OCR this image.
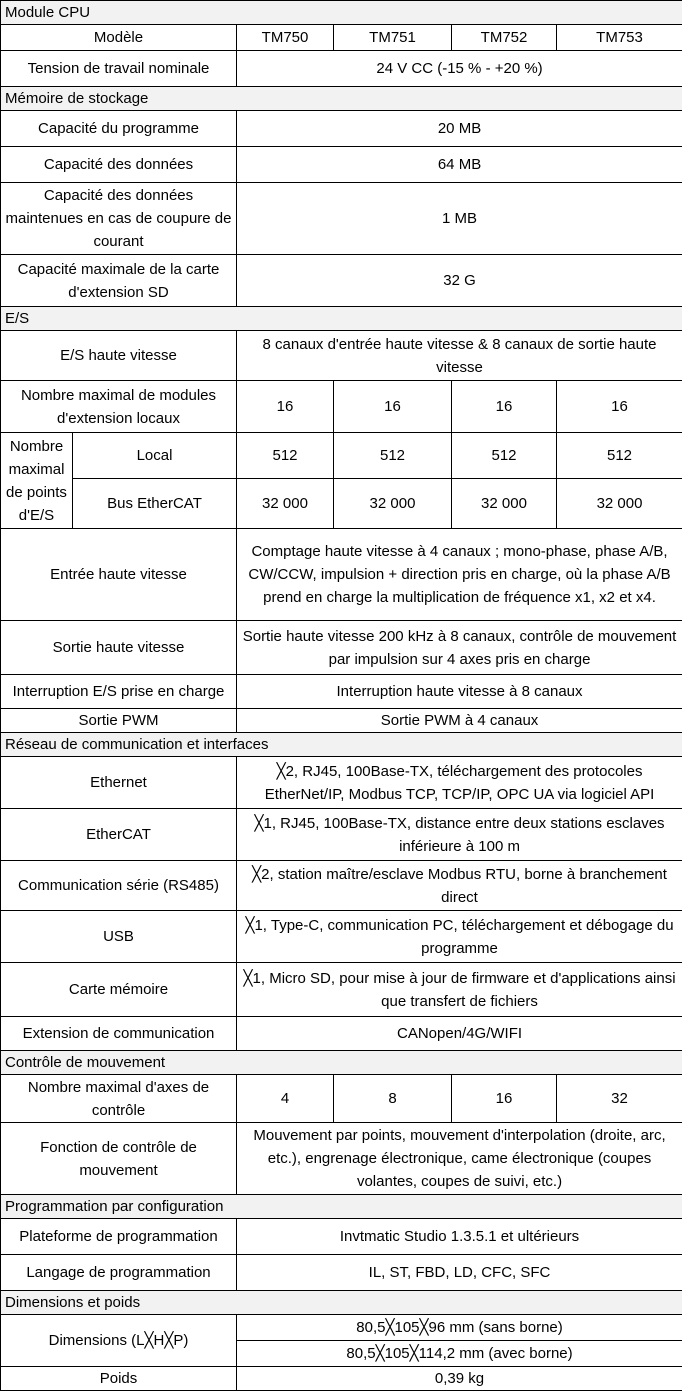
Module CPU					
Modèle		TM750	TM751	TM752	TM753
Tension de travail nominale		24 V CC (-15 % - +20 %)			
Mémoire de stockage					
Capacité du programme		20 MB			
Capacité des données		64 MB			
Capacité des données maintenues en cas de coupure de courant		1 MB			
Capacité maximale de la carte d'extension SD		32 G			
E/S					
E/S haute vitesse		8 canaux d'entrée haute vitesse & 8 canaux de sortie haute vitesse			
Nombre maximal de modules d'extension locaux		16	16	16	16
Nombre maximal de points d'E/S	Local	512	512	512	512
	Bus EtherCAT	32 000	32 000	32 000	32 000
Entrée haute vitesse		Comptage haute vitesse à 4 canaux ; mono-phase, phase A/B, CW/CCW, impulsion + direction pris en charge, où la phase A/B prend en charge la multiplication de fréquence x1, x2 et x4.			
Sortie haute vitesse		Sortie haute vitesse 200 kHz à 8 canaux, contrôle de mouvement par impulsion sur 4 axes pris en charge			
Interruption E/S prise en charge		Interruption haute vitesse à 8 canaux			
Sortie PWM		Sortie PWM à 4 canaux			
Réseau de communication et interfaces					
Ethernet		╳2, RJ45, 100Base-TX, téléchargement des protocoles EtherNet/IP, Modbus TCP, TCP/IP, OPC UA via logiciel API			
EtherCAT		╳1, RJ45, 100Base-TX, distance entre deux stations esclaves inférieure à 100 m			
Communication série (RS485)		╳2, station maître/esclave Modbus RTU, borne à branchement direct			
USB		╳1, Type-C, communication PC, téléchargement et débogage du programme			
Carte mémoire		╳1, Micro SD, pour mise à jour de firmware et d'applications ainsi que transfert de fichiers			
Extension de communication		CANopen/4G/WIFI			
Contrôle de mouvement					
Nombre maximal d'axes de contrôle		4	8	16	32
Fonction de contrôle de mouvement		Mouvement par points, mouvement d'interpolation (droite, arc, etc.), engrenage électronique, came électronique (coupes volantes, coupes de suivi, etc.)			
Programmation par configuration					
Plateforme de programmation		Invtmatic Studio 1.3.5.1 et ultérieurs			
Langage de programmation		IL, ST, FBD, LD, CFC, SFC			
Dimensions et poids					
Dimensions (L╳H╳P)		80,5╳105╳96 mm (sans borne)			
		80,5╳105╳114,2 mm (avec borne)			
Poids		0,39 kg			
